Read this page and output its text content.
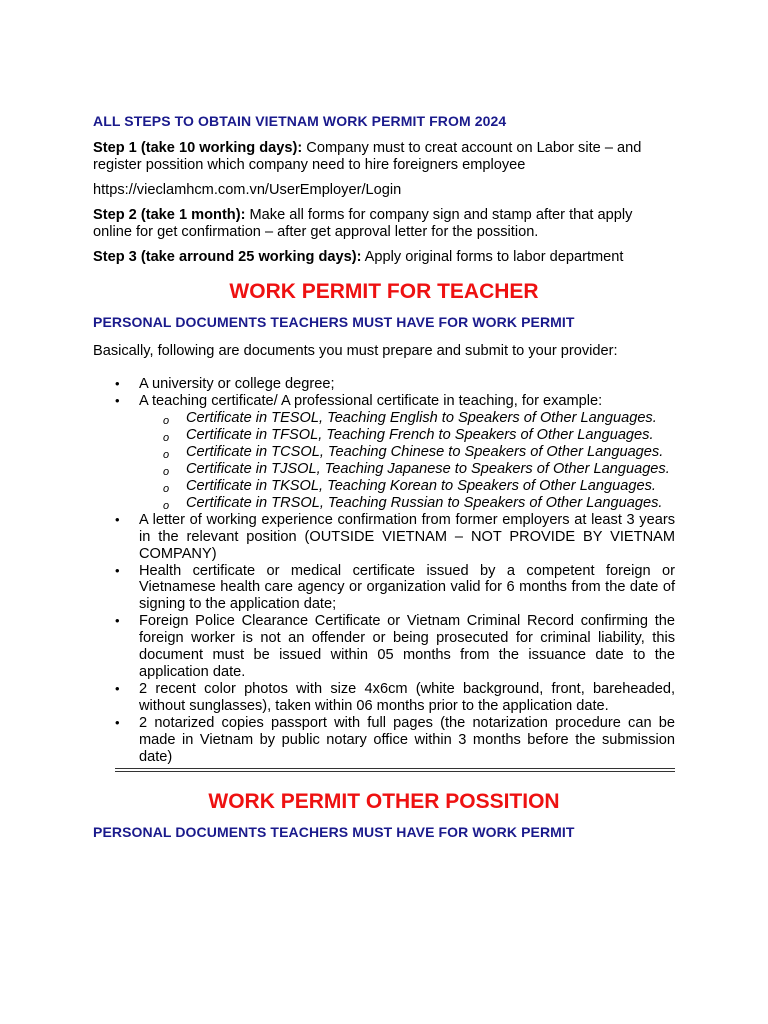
ALL STEPS TO OBTAIN VIETNAM WORK PERMIT FROM 2024

Step 1 (take 10 working days): Company must to creat account on Labor site – and register possition which company need to hire foreigners employee

https://vieclamhcm.com.vn/UserEmployer/Login

Step 2 (take 1 month): Make all forms for company sign and stamp after that apply online for get confirmation – after get approval letter for the possition.

Step 3 (take arround 25 working days): Apply original forms to labor department

WORK PERMIT FOR TEACHER

PERSONAL DOCUMENTS TEACHERS MUST HAVE FOR WORK PERMIT

Basically, following are documents you must prepare and submit to your provider:

• A university or college degree;
• A teaching certificate/ A professional certificate in teaching, for example:
o Certificate in TESOL, Teaching English to Speakers of Other Languages.
o Certificate in TFSOL, Teaching French to Speakers of Other Languages.
o Certificate in TCSOL, Teaching Chinese to Speakers of Other Languages.
o Certificate in TJSOL, Teaching Japanese to Speakers of Other Languages.
o Certificate in TKSOL, Teaching Korean to Speakers of Other Languages.
o Certificate in TRSOL, Teaching Russian to Speakers of Other Languages.
• A letter of working experience confirmation from former employers at least 3 years in the relevant position (OUTSIDE VIETNAM – NOT PROVIDE BY VIETNAM COMPANY)
• Health certificate or medical certificate issued by a competent foreign or Vietnamese health care agency or organization valid for 6 months from the date of signing to the application date;
• Foreign Police Clearance Certificate or Vietnam Criminal Record confirming the foreign worker is not an offender or being prosecuted for criminal liability, this document must be issued within 05 months from the issuance date to the application date.
• 2 recent color photos with size 4x6cm (white background, front, bareheaded, without sunglasses), taken within 06 months prior to the application date.
• 2 notarized copies passport with full pages (the notarization procedure can be made in Vietnam by public notary office within 3 months before the submission date)
WORK PERMIT OTHER POSSITION

PERSONAL DOCUMENTS TEACHERS MUST HAVE FOR WORK PERMIT
